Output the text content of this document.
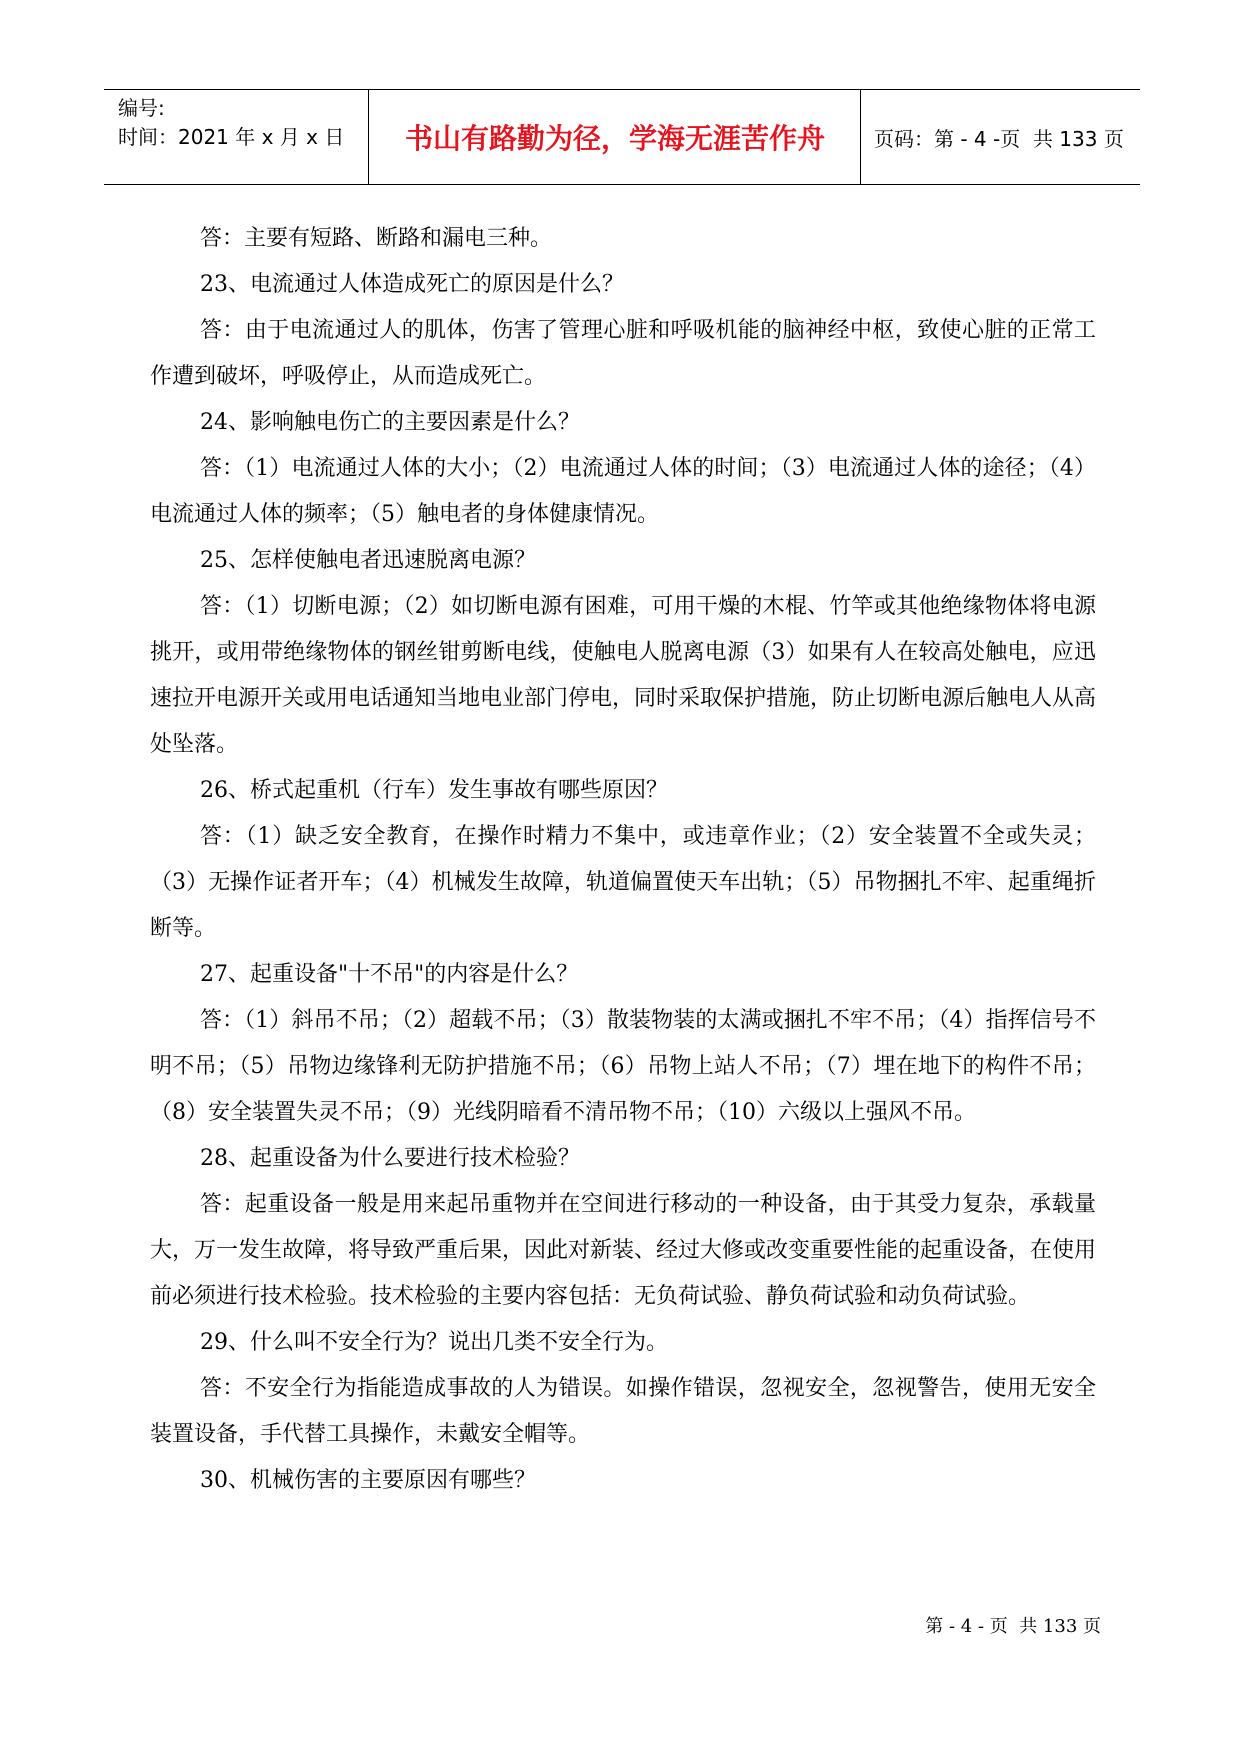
编号:
时间：2021 年 x 月 x 日	书山有路勤为径，学海无涯苦作舟	页码：第 - 4 -页  共 133 页

答：主要有短路、断路和漏电三种。

23、电流通过人体造成死亡的原因是什么？

答：由于电流通过人的肌体，伤害了管理心脏和呼吸机能的脑神经中枢，致使心脏的正常工作遭到破坏，呼吸停止，从而造成死亡。

24、影响触电伤亡的主要因素是什么？

答：（1）电流通过人体的大小；（2）电流通过人体的时间；（3）电流通过人体的途径；（4）电流通过人体的频率；（5）触电者的身体健康情况。

25、怎样使触电者迅速脱离电源？

答：（1）切断电源；（2）如切断电源有困难，可用干燥的木棍、竹竿或其他绝缘物体将电源挑开，或用带绝缘物体的钢丝钳剪断电线，使触电人脱离电源（3）如果有人在较高处触电，应迅速拉开电源开关或用电话通知当地电业部门停电，同时采取保护措施，防止切断电源后触电人从高处坠落。

26、桥式起重机（行车）发生事故有哪些原因？

答：（1）缺乏安全教育，在操作时精力不集中，或违章作业；（2）安全装置不全或失灵；（3）无操作证者开车；（4）机械发生故障，轨道偏置使天车出轨；（5）吊物捆扎不牢、起重绳折断等。

27、起重设备"十不吊"的内容是什么？

答：（1）斜吊不吊；（2）超载不吊；（3）散装物装的太满或捆扎不牢不吊；（4）指挥信号不明不吊；（5）吊物边缘锋利无防护措施不吊；（6）吊物上站人不吊；（7）埋在地下的构件不吊；（8）安全装置失灵不吊；（9）光线阴暗看不清吊物不吊；（10）六级以上强风不吊。

28、起重设备为什么要进行技术检验？

答：起重设备一般是用来起吊重物并在空间进行移动的一种设备，由于其受力复杂，承载量大，万一发生故障，将导致严重后果，因此对新装、经过大修或改变重要性能的起重设备，在使用前必须进行技术检验。技术检验的主要内容包括：无负荷试验、静负荷试验和动负荷试验。

29、什么叫不安全行为？说出几类不安全行为。

答：不安全行为指能造成事故的人为错误。如操作错误，忽视安全，忽视警告，使用无安全装置设备，手代替工具操作，未戴安全帽等。

30、机械伤害的主要原因有哪些？

第 - 4 - 页  共 133 页
